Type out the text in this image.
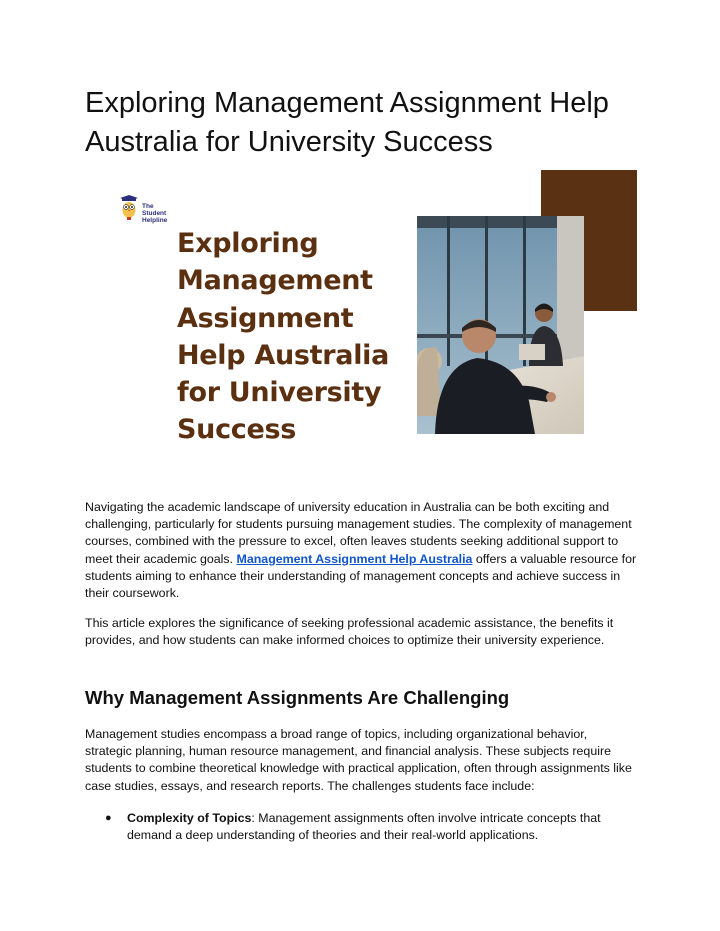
Exploring Management Assignment Help Australia for University Success
The Student
Helpline
Exploring Management Assignment Help Australia for University Success

Navigating the academic landscape of university education in Australia can be both exciting and challenging, particularly for students pursuing management studies. The complexity of management courses, combined with the pressure to excel, often leaves students seeking additional support to meet their academic goals. Management Assignment Help Australia offers a valuable resource for students aiming to enhance their understanding of management concepts and achieve success in their coursework.

This article explores the significance of seeking professional academic assistance, the benefits it provides, and how students can make informed choices to optimize their university experience.

Why Management Assignments Are Challenging

Management studies encompass a broad range of topics, including organizational behavior, strategic planning, human resource management, and financial analysis. These subjects require students to combine theoretical knowledge with practical application, often through assignments like case studies, essays, and research reports. The challenges students face include:

● Complexity of Topics: Management assignments often involve intricate concepts that demand a deep understanding of theories and their real-world applications.
